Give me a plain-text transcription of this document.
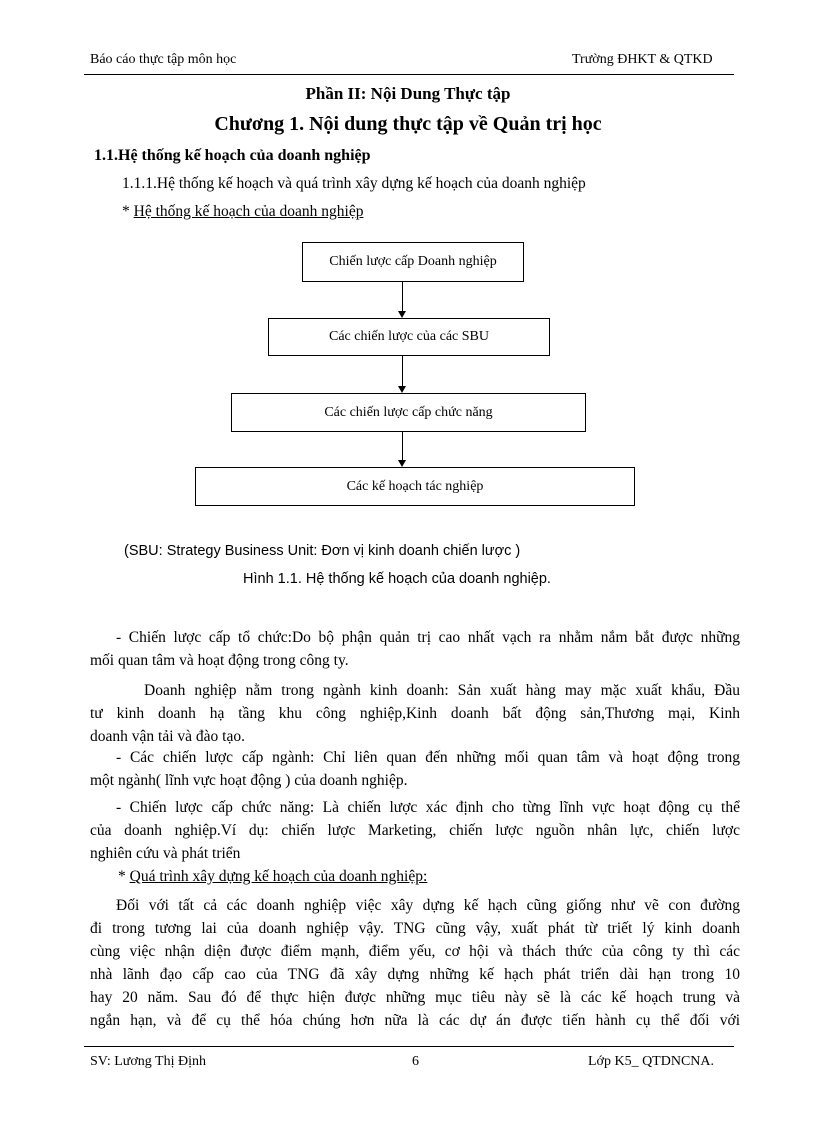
Báo cáo thực tập môn học	Trường ĐHKT & QTKD
Phần II: Nội Dung Thực tập
Chương 1. Nội dung thực tập về Quản trị học
1.1.Hệ thống kế hoạch của doanh nghiệp
1.1.1.Hệ thống kế hoạch và quá trình xây dựng kế hoạch của doanh nghiệp
* Hệ thống kế hoạch của doanh nghiệp
Chiến lược cấp Doanh nghiệp
Các chiến lược của các SBU
Các chiến lược cấp chức năng
Các kế hoạch tác nghiệp
(SBU: Strategy Business Unit: Đơn vị kinh doanh chiến lược )
Hình 1.1. Hệ thống kế hoạch của doanh nghiệp.
- Chiến lược cấp tổ chức:Do bộ phận quản trị cao nhất vạch ra nhằm nắm bắt được những
mối quan tâm và hoạt động trong công ty.
Doanh nghiệp nằm trong ngành kinh doanh: Sản xuất hàng may mặc xuất khẩu, Đầu
tư kinh doanh hạ tầng khu công nghiệp,Kinh doanh bất động sản,Thương mại, Kinh
doanh vận tải và đào tạo.
- Các chiến lược cấp ngành: Chỉ liên quan đến những mối quan tâm và hoạt động trong
một ngành( lĩnh vực hoạt động ) của doanh nghiệp.
- Chiến lược cấp chức năng: Là chiến lược xác định cho từng lĩnh vực hoạt động cụ thể
của doanh nghiệp.Ví dụ: chiến lược Marketing, chiến lược nguồn nhân lực, chiến lược
nghiên cứu và phát triển
* Quá trình xây dựng kế hoạch của doanh nghiệp:
Đối với tất cả các doanh nghiệp việc xây dựng kế hạch cũng giống như vẽ con đường
đi trong tương lai của doanh nghiệp vậy. TNG cũng vậy, xuất phát từ triết lý kinh doanh
cùng việc nhận diện được điểm mạnh, điểm yếu, cơ hội và thách thức của công ty thì các
nhà lãnh đạo cấp cao của TNG đã xây dựng những kế hạch phát triển dài hạn trong 10
hay 20 năm. Sau đó để thực hiện được những mục tiêu này sẽ là các kế hoạch trung và
ngắn hạn, và để cụ thể hóa chúng hơn nữa là các dự án được tiến hành cụ thể đối với
SV: Lương Thị Định	6	Lớp K5_ QTDNCNA.
